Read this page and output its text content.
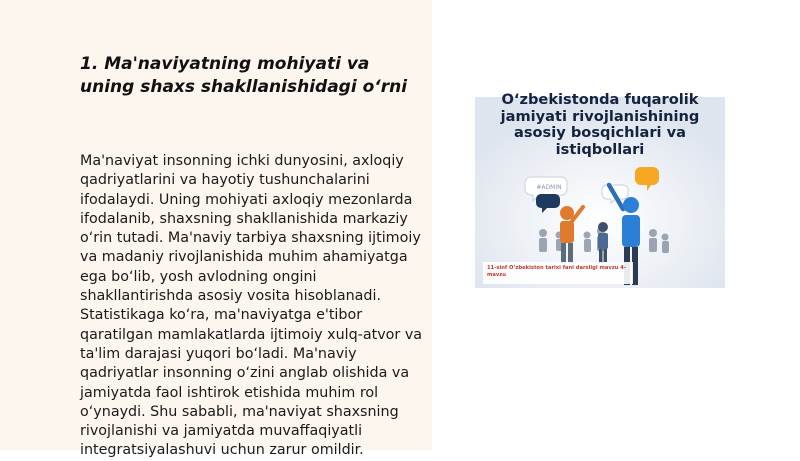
1. Ma'naviyatning mohiyati va uning shaxs shakllanishidagi o‘rni

Ma'naviyat insonning ichki dunyosini, axloqiy qadriyatlarini va hayotiy tushunchalarini ifodalaydi. Uning mohiyati axloqiy mezonlarda ifodalanib, shaxsning shakllanishida markaziy o‘rin tutadi. Ma'naviy tarbiya shaxsning ijtimoiy va madaniy rivojlanishida muhim ahamiyatga ega bo‘lib, yosh avlodning ongini shakllantirishda asosiy vosita hisoblanadi. Statistikaga ko‘ra, ma'naviyatga e'tibor qaratilgan mamlakatlarda ijtimoiy xulq-atvor va ta'lim darajasi yuqori bo‘ladi. Ma'naviy qadriyatlar insonning o‘zini anglab olishida va jamiyatda faol ishtirok etishida muhim rol o‘ynaydi. Shu sababli, ma'naviyat shaxsning rivojlanishi va jamiyatda muvaffaqiyatli integratsiyalashuvi uchun zarur omildir.

#ADMIN
O‘zbekistonda fuqarolik jamiyati rivojlanishining asosiy bosqichlari va istiqbollari

11-sinf O‘zbekiston tarixi fani darsligi mavzu 4-mavzu
